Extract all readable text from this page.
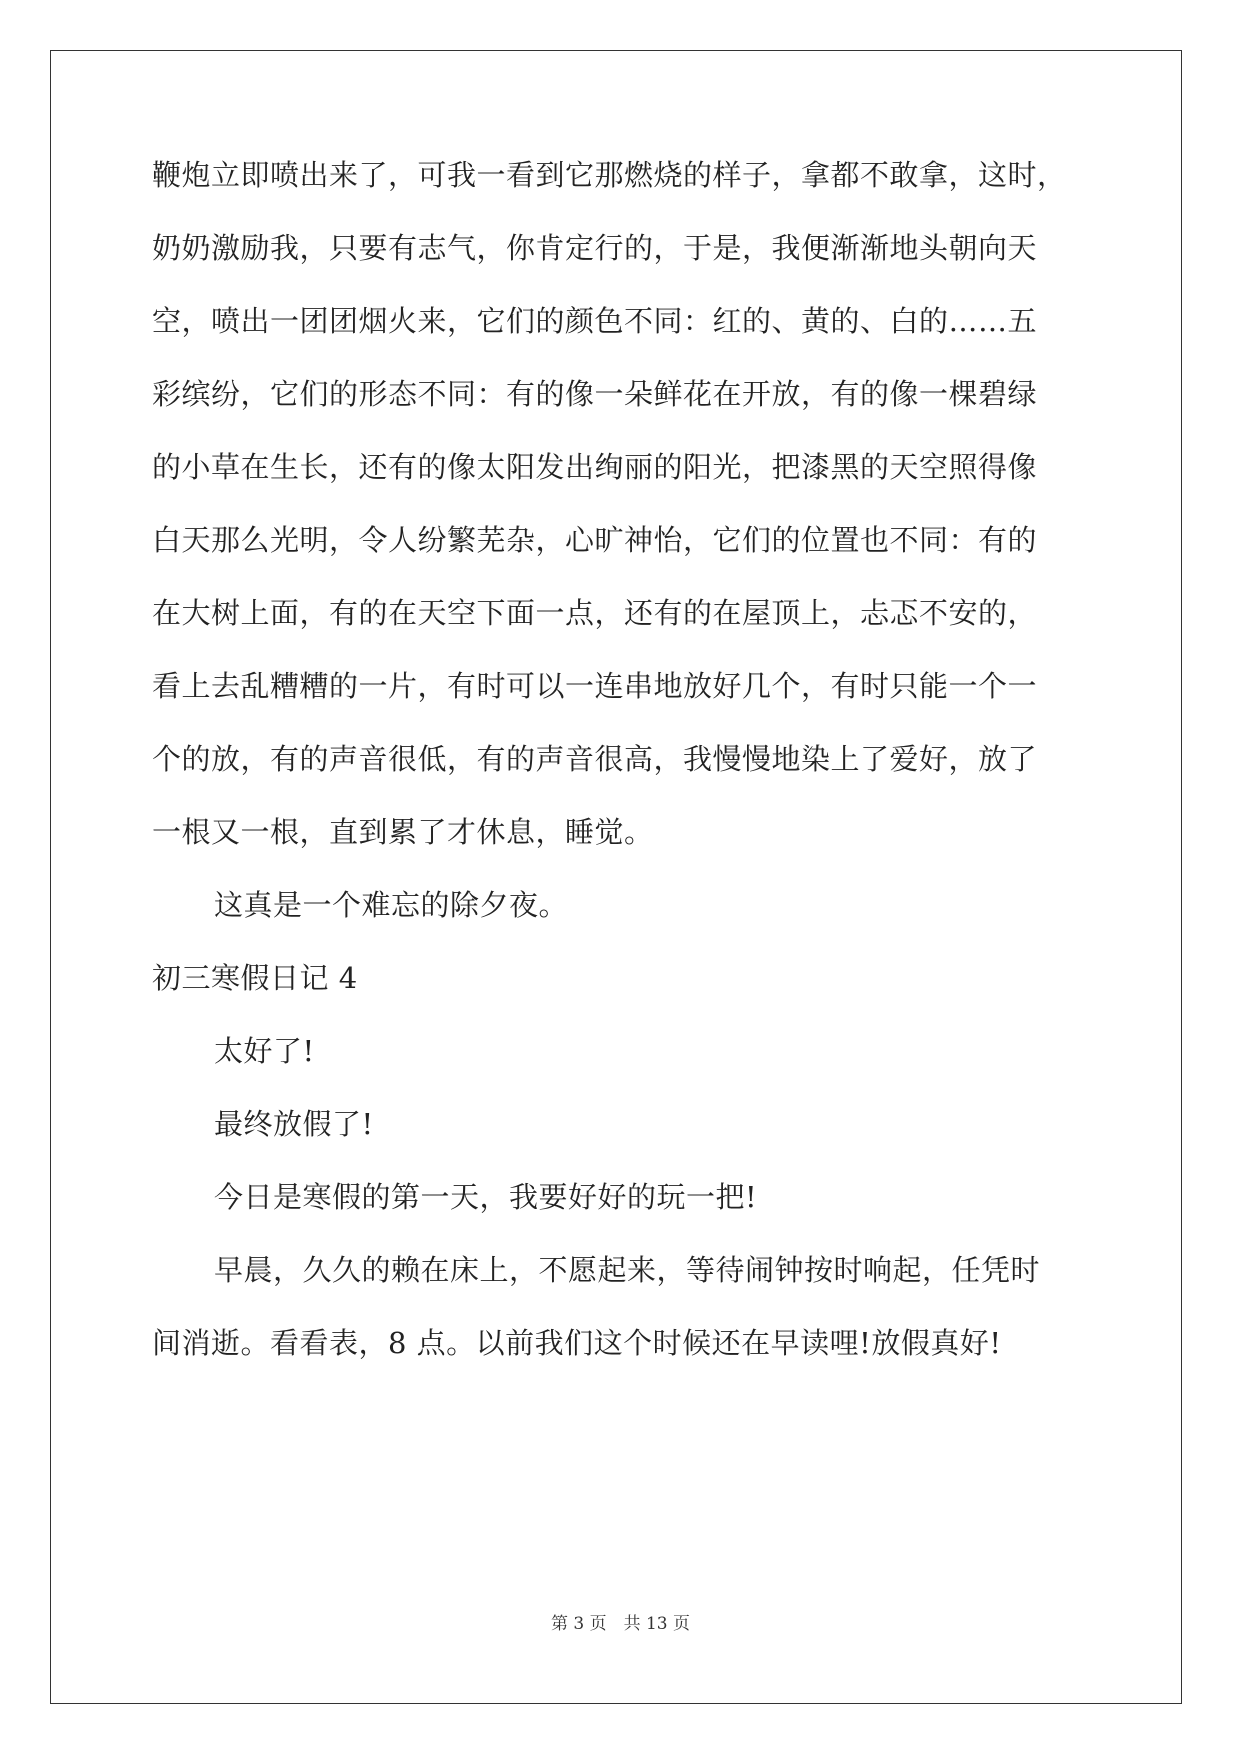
鞭炮立即喷出来了，可我一看到它那燃烧的样子，拿都不敢拿，这时，
奶奶激励我，只要有志气，你肯定行的，于是，我便渐渐地头朝向天
空，喷出一团团烟火来，它们的颜色不同：红的、黄的、白的……五
彩缤纷，它们的形态不同：有的像一朵鲜花在开放，有的像一棵碧绿
的小草在生长，还有的像太阳发出绚丽的阳光，把漆黑的天空照得像
白天那么光明，令人纷繁芜杂，心旷神怡，它们的位置也不同：有的
在大树上面，有的在天空下面一点，还有的在屋顶上，忐忑不安的，
看上去乱糟糟的一片，有时可以一连串地放好几个，有时只能一个一
个的放，有的声音很低，有的声音很高，我慢慢地染上了爱好，放了
一根又一根，直到累了才休息，睡觉。
这真是一个难忘的除夕夜。
初三寒假日记 4
太好了!
最终放假了!
今日是寒假的第一天，我要好好的玩一把!
早晨，久久的赖在床上，不愿起来，等待闹钟按时响起，任凭时
间消逝。看看表，8 点。以前我们这个时候还在早读哩!放假真好!
第 3 页　共 13 页
